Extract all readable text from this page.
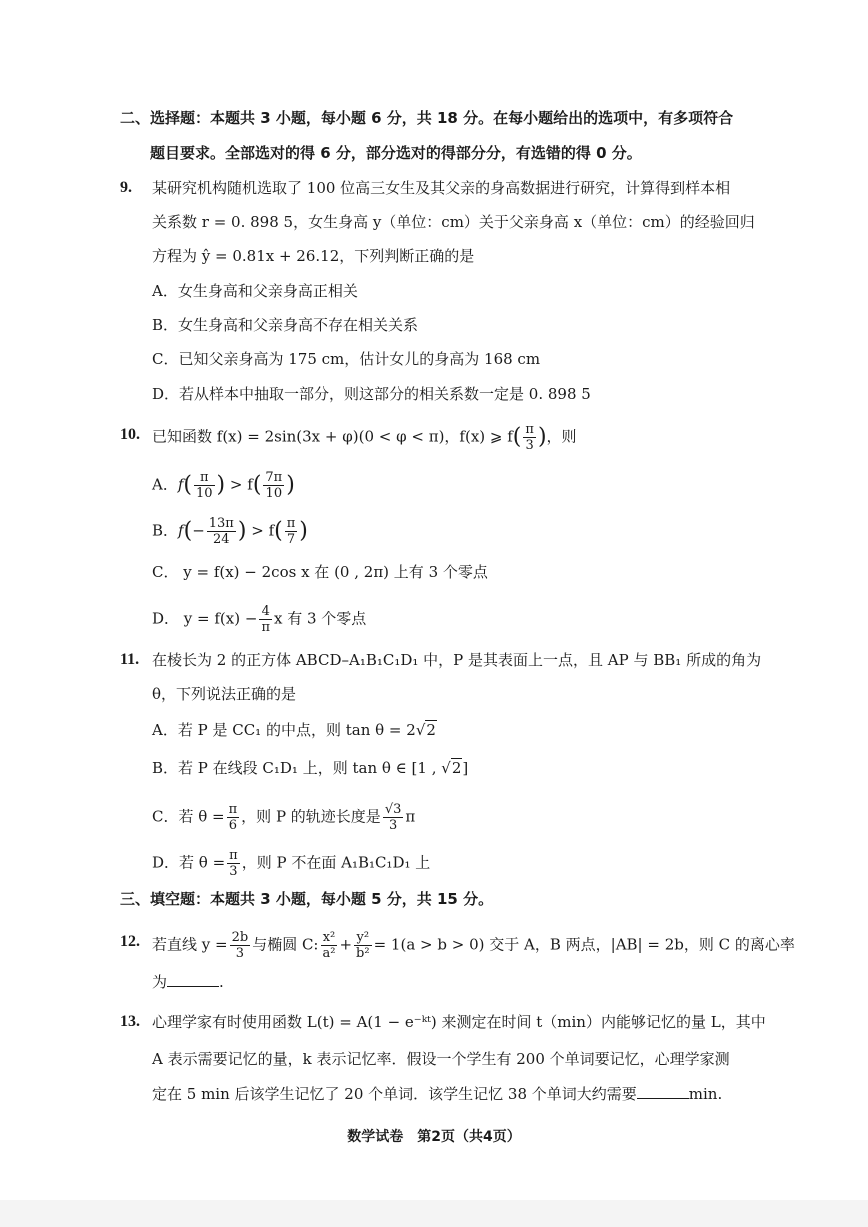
二、选择题：本题共 3 小题，每小题 6 分，共 18 分。在每小题给出的选项中，有多项符合
题目要求。全部选对的得 6 分，部分选对的得部分分，有选错的得 0 分。
9. 某研究机构随机选取了 100 位高三女生及其父亲的身高数据进行研究，计算得到样本相
关系数 r = 0. 898 5，女生身高 y（单位：cm）关于父亲身高 x（单位：cm）的经验回归
方程为 ŷ = 0.81x + 26.12，下列判断正确的是
A．女生身高和父亲身高正相关
B．女生身高和父亲身高不存在相关关系
C．已知父亲身高为 175 cm，估计女儿的身高为 168 cm
D．若从样本中抽取一部分，则这部分的相关系数一定是 0. 898 5
10. 已知函数 f(x) = 2sin(3x + φ)(0 < φ < π)，f(x) ⩾ $f( \frac{\pi}{3}$ )，则
A．$f( \frac{\pi}{10}$ ) > $f( \frac{7\pi}{10}$ )
B．$f(- \frac{13\pi}{24}$ ) > $f( \frac{\pi}{7}$ )
C． y = f(x) − 2cos x 在 (0 , 2π) 上有 3 个零点
D． $y = f(x) - \frac{4}{\pi}$ x 有 3 个零点
11. 在棱长为 2 的正方体 ABCD–A₁B₁C₁D₁ 中，P 是其表面上一点，且 AP 与 BB₁ 所成的角为
θ，下列说法正确的是
A．若 P 是 CC₁ 的中点，则 tan θ = 2√2
B．若 P 在线段 C₁D₁ 上，则 tan θ ∈ [1 , √2]
C．若 $\theta = \frac{\pi}{6}$ ，则 P 的轨迹长度是 $\frac{√3}{3}$ π
D．若 $\theta = \frac{\pi}{3}$ ，则 P 不在面 A₁B₁C₁D₁ 上
三、填空题：本题共 3 小题，每小题 5 分，共 15 分。
12. 若直线 $y = \frac{2b}{3}$ 与椭圆 C: $\frac{\text{x²}}{\text{a²}} + \frac{\text{y²}}{\text{b²}} = 1(a > b > 0)$ 交于 A，B 两点，|AB| = 2b，则 C 的离心率
为	.
13. 心理学家有时使用函数 L(t) = A(1 − e⁻ᵏᵗ) 来测定在时间 t（min）内能够记忆的量 L，其中
A 表示需要记忆的量，k 表示记忆率．假设一个学生有 200 个单词要记忆，心理学家测
定在 5 min 后该学生记忆了 20 个单词．该学生记忆 38 个单词大约需要	min.
数学试卷　第2页（共4页）
